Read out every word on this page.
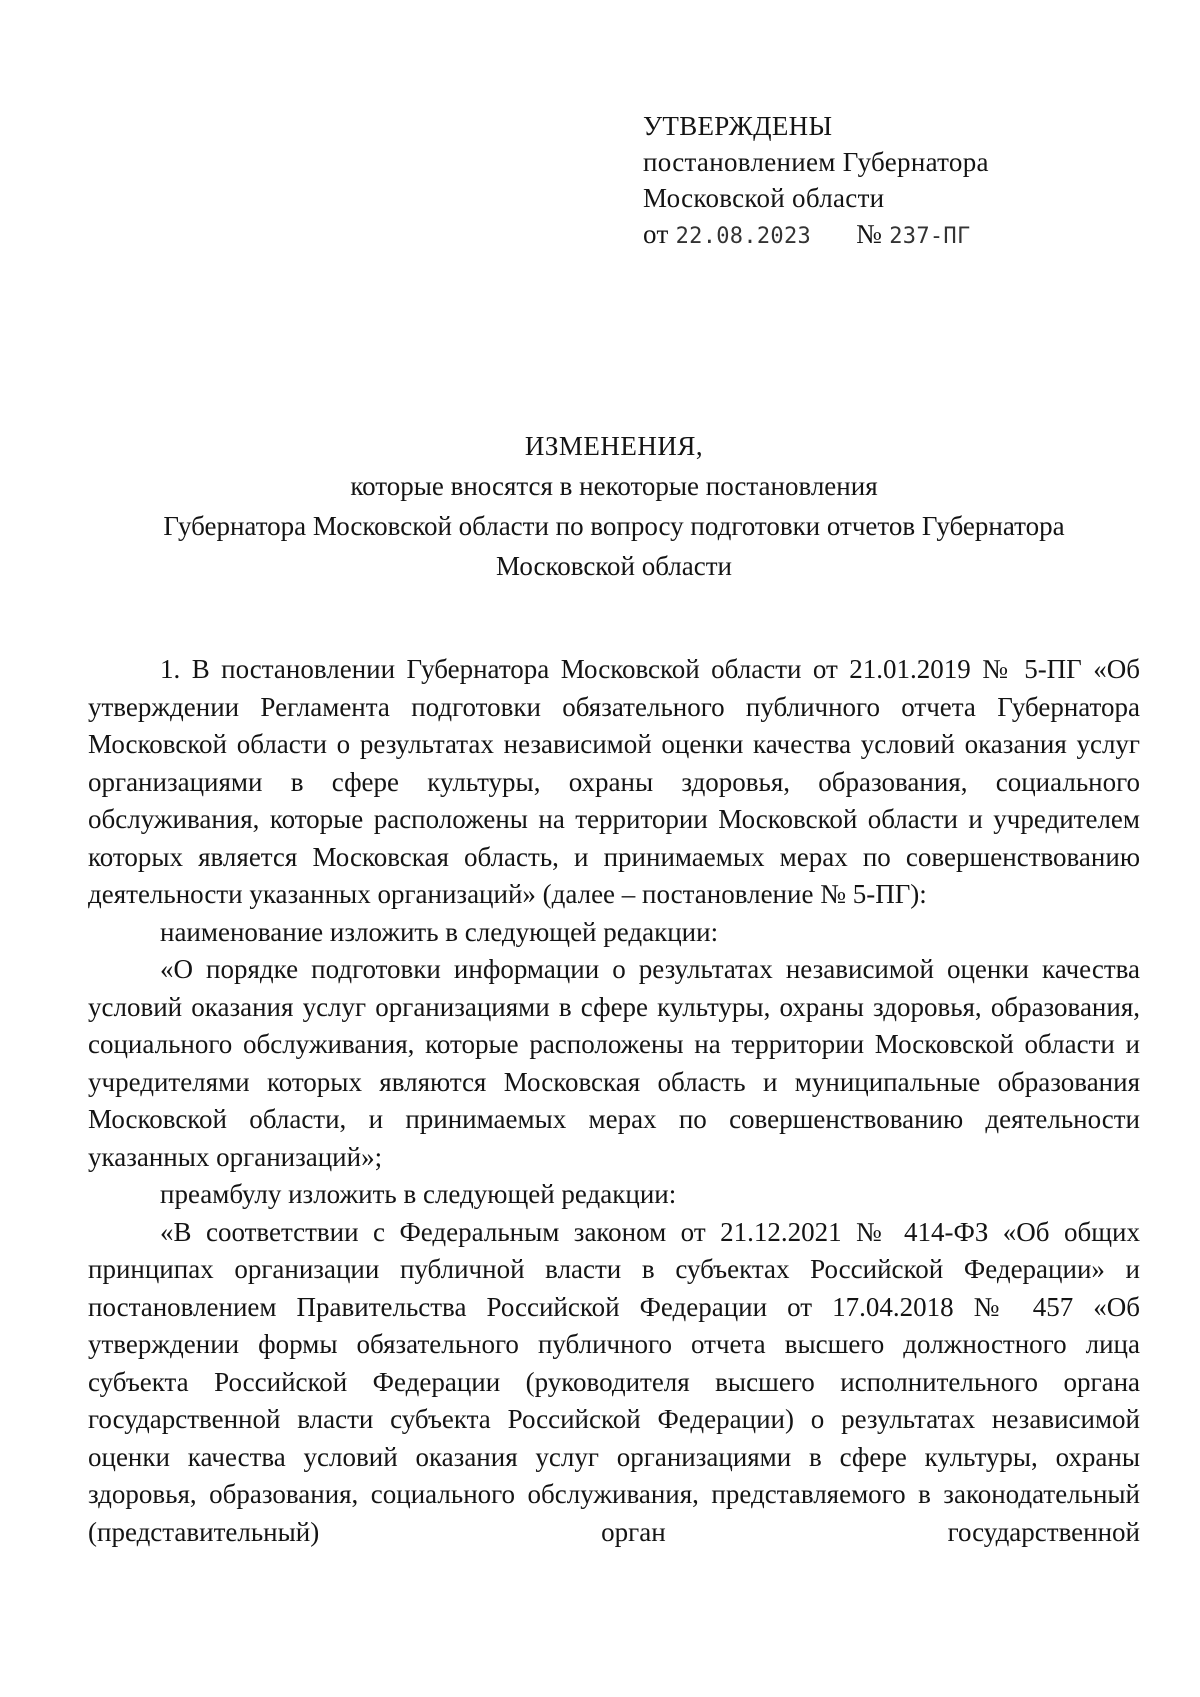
УТВЕРЖДЕНЫ
постановлением Губернатора
Московской области
от 22.08.2023 № 237-ПГ
ИЗМЕНЕНИЯ,
которые вносятся в некоторые постановления
Губернатора Московской области по вопросу подготовки отчетов Губернатора
Московской области

1. В постановлении Губернатора Московской области от 21.01.2019 № 5-ПГ «Об утверждении Регламента подготовки обязательного публичного отчета Губернатора Московской области о результатах независимой оценки качества условий оказания услуг организациями в сфере культуры, охраны здоровья, образования, социального обслуживания, которые расположены на территории Московской области и учредителем которых является Московская область, и принимаемых мерах по совершенствованию деятельности указанных организаций» (далее – постановление № 5-ПГ):

наименование изложить в следующей редакции:

«О порядке подготовки информации о результатах независимой оценки качества условий оказания услуг организациями в сфере культуры, охраны здоровья, образования, социального обслуживания, которые расположены на территории Московской области и учредителями которых являются Московская область и муниципальные образования Московской области, и принимаемых мерах по совершенствованию деятельности указанных организаций»;

преамбулу изложить в следующей редакции:

«В соответствии с Федеральным законом от 21.12.2021 № 414-ФЗ «Об общих принципах организации публичной власти в субъектах Российской Федерации» и постановлением Правительства Российской Федерации от 17.04.2018 № 457 «Об утверждении формы обязательного публичного отчета высшего должностного лица субъекта Российской Федерации (руководителя высшего исполнительного органа государственной власти субъекта Российской Федерации) о результатах независимой оценки качества условий оказания услуг организациями в сфере культуры, охраны здоровья, образования, социального обслуживания, представляемого в законодательный (представительный) орган государственной
